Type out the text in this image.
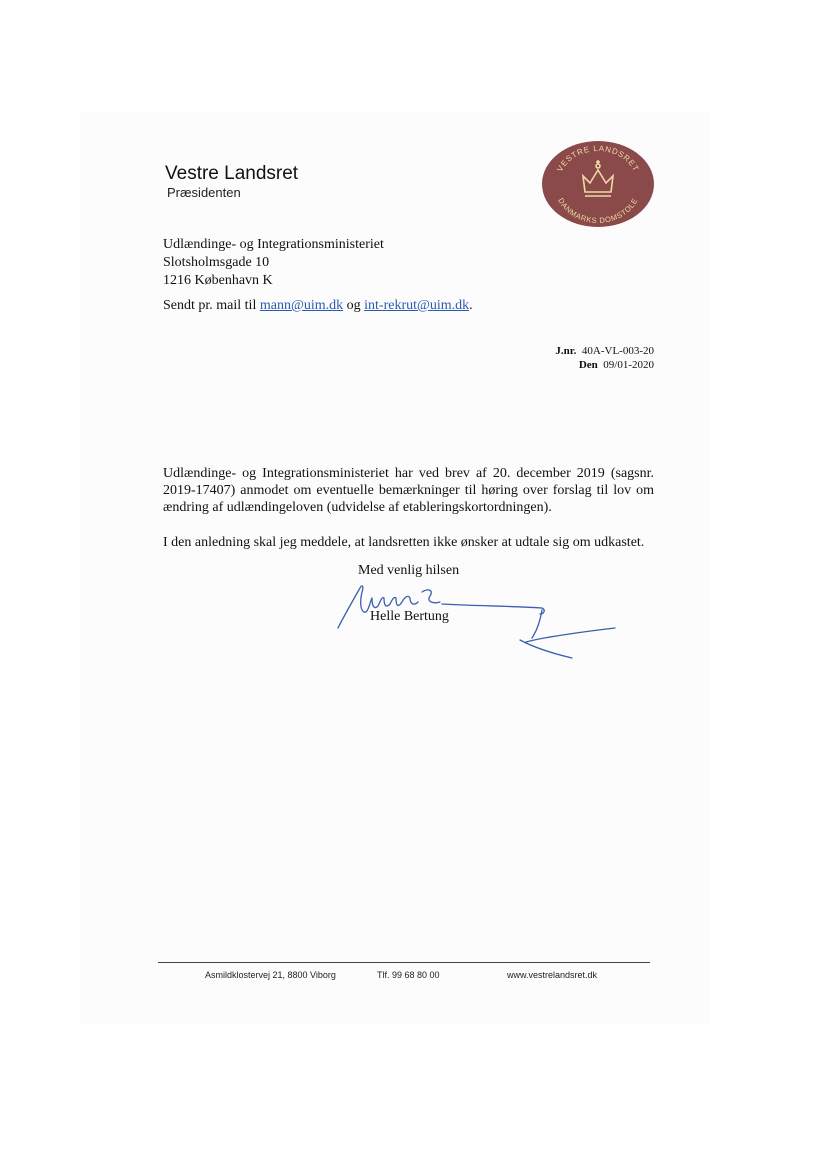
Vestre Landsret
Præsidenten
VESTRE LANDSRET
DANMARKS DOMSTOLE
Udlændinge- og Integrationsministeriet
Slotsholmsgade 10
1216 København K
Sendt pr. mail til mann@uim.dk og int-rekrut@uim.dk.
J.nr. 40A-VL-003-20
Den 09/01-2020
Udlændinge- og Integrationsministeriet har ved brev af 20. december 2019 (sagsnr. 2019-17407) anmodet om eventuelle bemærkninger til høring over forslag til lov om ændring af udlændingeloven (udvidelse af etableringskortordningen).
I den anledning skal jeg meddele, at landsretten ikke ønsker at udtale sig om udkastet.
Med venlig hilsen
Helle Bertung
Asmildklostervej 21, 8800 Viborg	Tlf. 99 68 80 00	www.vestrelandsret.dk
